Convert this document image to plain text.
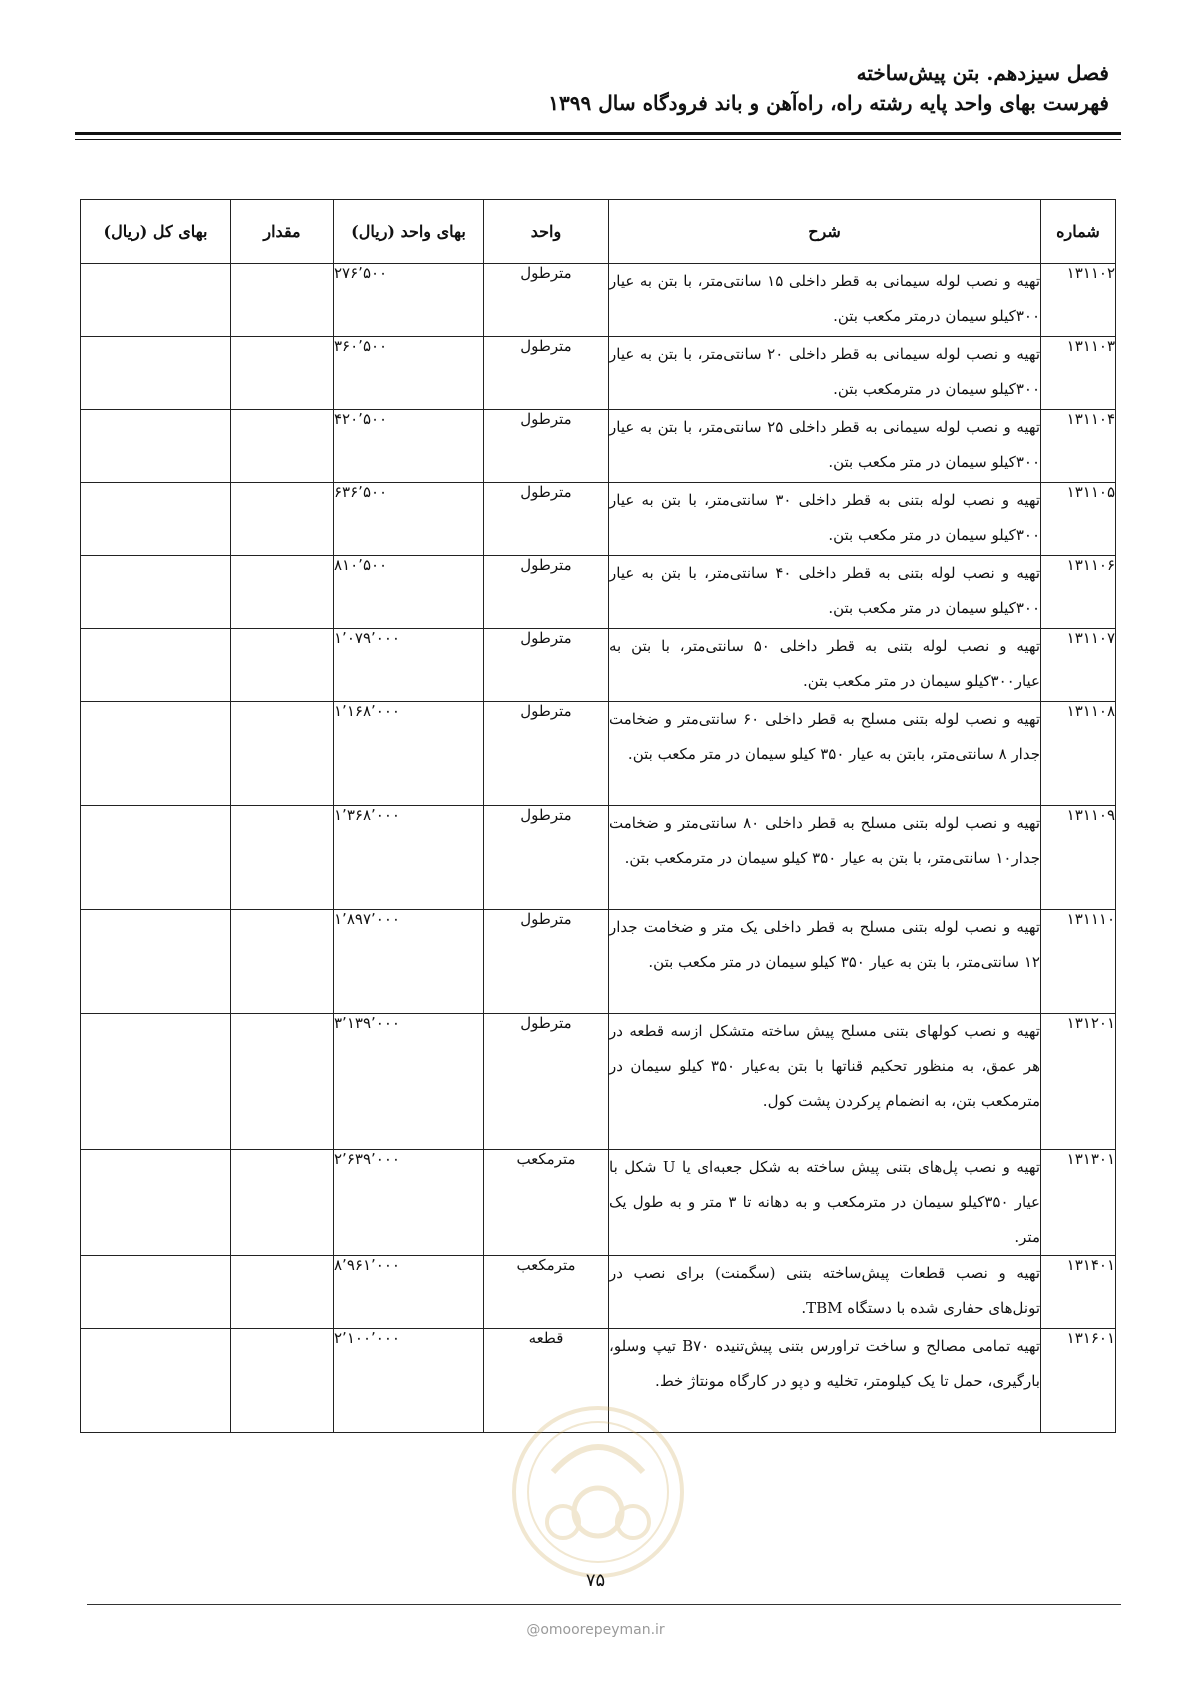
فصل سیزدهم. بتن پیش‌ساخته
فهرست بهای واحد پایه رشته راه، راه‌آهن و باند فرودگاه سال ۱۳۹۹
شماره	شرح	واحد	بهای واحد (ریال)	مقدار	بهای کل (ریال)
۱۳۱۱۰۲	تهیه و نصب لوله سیمانی به قطر داخلی ۱۵ سانتی‌متر، با بتن به عیار ۳۰۰کیلو سیمان درمتر مکعب بتن.	مترطول	۲۷۶٬۵۰۰		
۱۳۱۱۰۳	تهیه و نصب لوله سیمانی به قطر داخلی ۲۰ سانتی‌متر، با بتن به عیار ۳۰۰کیلو سیمان در مترمکعب بتن.	مترطول	۳۶۰٬۵۰۰		
۱۳۱۱۰۴	تهیه و نصب لوله سیمانی به قطر داخلی ۲۵ سانتی‌متر، با بتن به عیار ۳۰۰کیلو سیمان در متر مکعب بتن.	مترطول	۴۲۰٬۵۰۰		
۱۳۱۱۰۵	تهیه و نصب لوله بتنی به قطر داخلی ۳۰ سانتی‌متر، با بتن به عیار ۳۰۰کیلو سیمان در متر مکعب بتن.	مترطول	۶۳۶٬۵۰۰		
۱۳۱۱۰۶	تهیه و نصب لوله بتنی به قطر داخلی ۴۰ سانتی‌متر، با بتن به عیار ۳۰۰کیلو سیمان در متر مکعب بتن.	مترطول	۸۱۰٬۵۰۰		
۱۳۱۱۰۷	تهیه و نصب لوله بتنی به قطر داخلی ۵۰ سانتی‌متر، با بتن به عیار۳۰۰کیلو سیمان در متر مکعب بتن.	مترطول	۱٬۰۷۹٬۰۰۰		
۱۳۱۱۰۸	تهیه و نصب لوله بتنی مسلح به قطر داخلی ۶۰ سانتی‌متر و ضخامت جدار ۸ سانتی‌متر، بابتن به عیار ۳۵۰ کیلو سیمان در متر مکعب بتن.	مترطول	۱٬۱۶۸٬۰۰۰		
۱۳۱۱۰۹	تهیه و نصب لوله بتنی مسلح به قطر داخلی ۸۰ سانتی‌متر و ضخامت جدار۱۰ سانتی‌متر، با بتن به عیار ۳۵۰ کیلو سیمان در مترمکعب بتن.	مترطول	۱٬۳۶۸٬۰۰۰		
۱۳۱۱۱۰	تهیه و نصب لوله بتنی مسلح به قطر داخلی یک متر و ضخامت جدار ۱۲ سانتی‌متر، با بتن به عیار ۳۵۰ کیلو سیمان در متر مکعب بتن.	مترطول	۱٬۸۹۷٬۰۰۰		
۱۳۱۲۰۱	تهیه و نصب کولهای بتنی مسلح پیش ساخته متشکل ازسه قطعه در هر عمق، به منظور تحکیم قناتها با بتن به‌عیار ۳۵۰ کیلو سیمان در مترمکعب بتن، به انضمام پرکردن پشت کول.	مترطول	۳٬۱۳۹٬۰۰۰		
۱۳۱۳۰۱	تهیه و نصب پل‌های بتنی پیش ساخته به شکل جعبه‌ای یا U شکل با عیار ۳۵۰کیلو سیمان در مترمکعب و به دهانه تا ۳ متر و به طول یک متر.	مترمکعب	۲٬۶۳۹٬۰۰۰		
۱۳۱۴۰۱	تهیه و نصب قطعات پیش‌ساخته بتنی (سگمنت) برای نصب در تونل‌های حفاری شده با دستگاه TBM.	مترمکعب	۸٬۹۶۱٬۰۰۰		
۱۳۱۶۰۱	تهیه تمامی مصالح و ساخت تراورس بتنی پیش‌تنیده B۷۰ تیپ وسلو، بارگیری، حمل تا یک کیلومتر، تخلیه و دپو در کارگاه مونتاژ خط.	قطعه	۲٬۱۰۰٬۰۰۰		
۷۵
@omoorepeyman.ir
